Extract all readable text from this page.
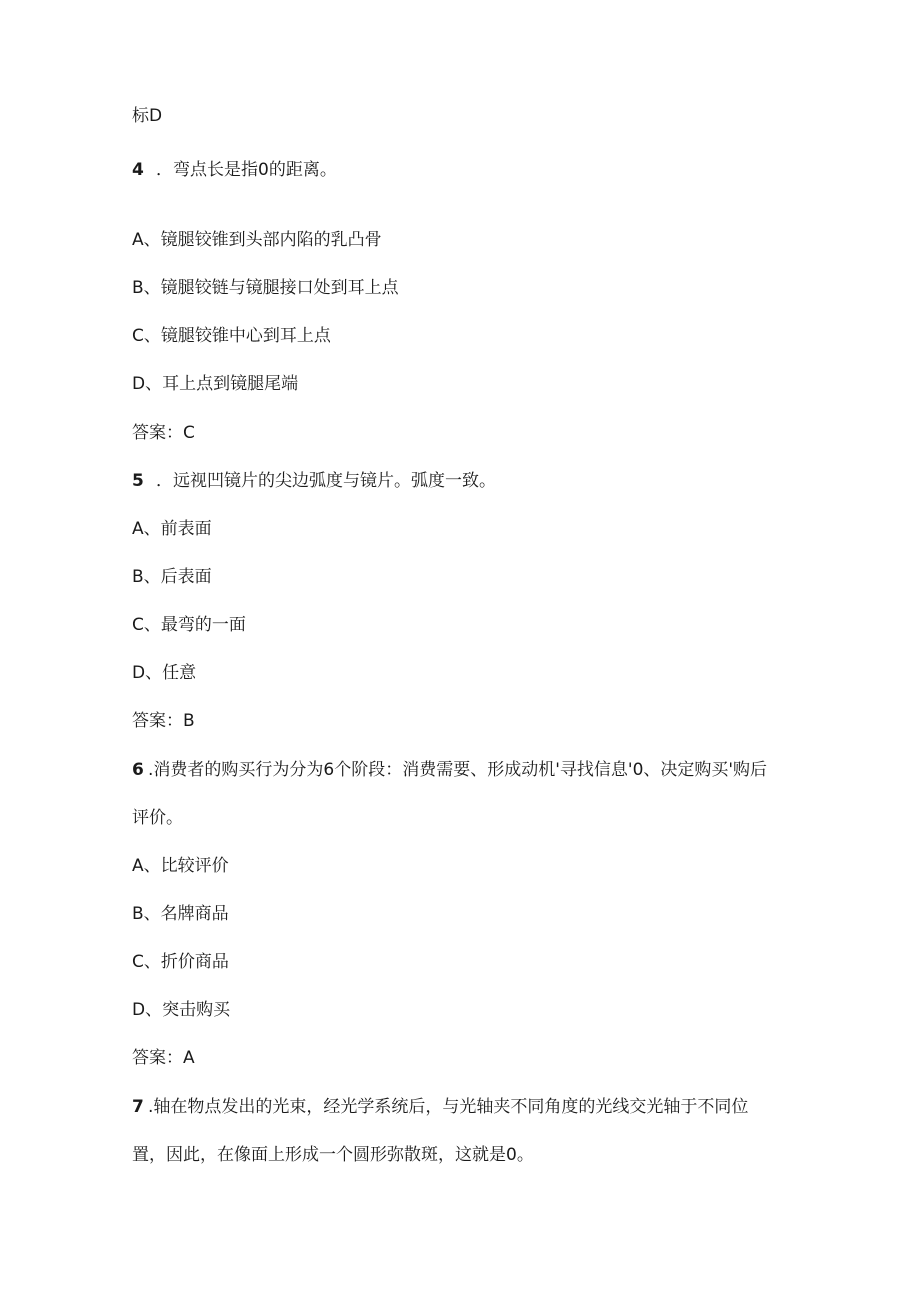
标D

4 ．弯点长是指0的距离。

A、镜腿铰锥到头部内陷的乳凸骨

B、镜腿铰链与镜腿接口处到耳上点

C、镜腿铰锥中心到耳上点

D、耳上点到镜腿尾端

答案：C

5 ．远视凹镜片的尖边弧度与镜片。弧度一致。

A、前表面

B、后表面

C、最弯的一面

D、任意

答案：B

6 .消费者的购买行为分为6个阶段：消费需要、形成动机'寻找信息'0、决定购买'购后

评价。

A、比较评价

B、名牌商品

C、折价商品

D、突击购买

答案：A

7 .轴在物点发出的光束，经光学系统后，与光轴夹不同角度的光线交光轴于不同位

置，因此，在像面上形成一个圆形弥散斑，这就是0。
